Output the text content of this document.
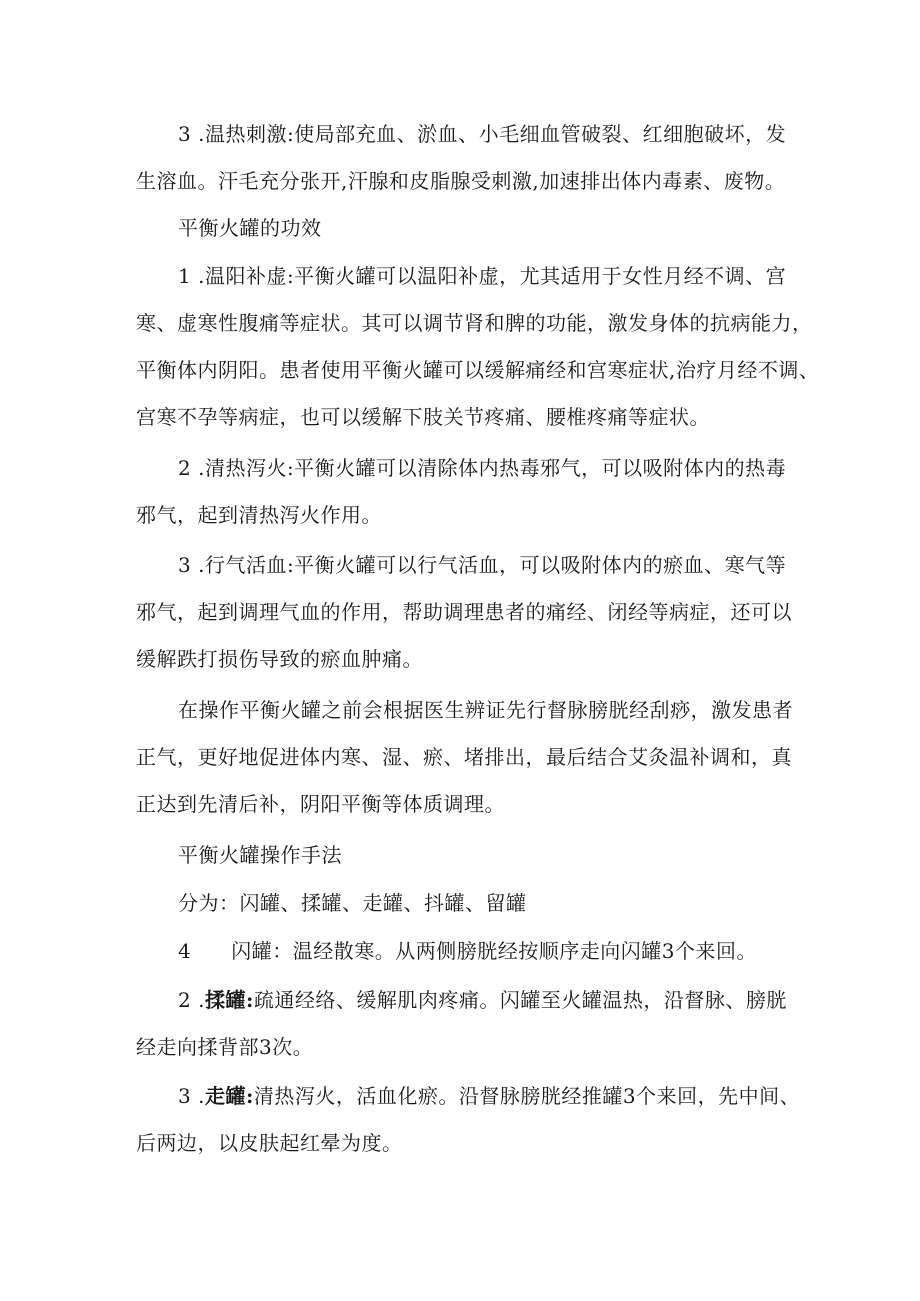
3 .温热刺激:使局部充血、淤血、小毛细血管破裂、红细胞破坏，发
生溶血。汗毛充分张开,汗腺和皮脂腺受刺激,加速排出体内毒素、废物。

平衡火罐的功效

1 .温阳补虚:平衡火罐可以温阳补虚，尤其适用于女性月经不调、宫
寒、虚寒性腹痛等症状。其可以调节肾和脾的功能，激发身体的抗病能力，
平衡体内阴阳。患者使用平衡火罐可以缓解痛经和宫寒症状,治疗月经不调、
宫寒不孕等病症，也可以缓解下肢关节疼痛、腰椎疼痛等症状。

2 .清热泻火:平衡火罐可以清除体内热毒邪气，可以吸附体内的热毒
邪气，起到清热泻火作用。

3 .行气活血:平衡火罐可以行气活血，可以吸附体内的瘀血、寒气等
邪气，起到调理气血的作用，帮助调理患者的痛经、闭经等病症，还可以
缓解跌打损伤导致的瘀血肿痛。

在操作平衡火罐之前会根据医生辨证先行督脉膀胱经刮痧，激发患者
正气，更好地促进体内寒、湿、瘀、堵排出，最后结合艾灸温补调和，真
正达到先清后补，阴阳平衡等体质调理。

平衡火罐操作手法

分为：闪罐、揉罐、走罐、抖罐、留罐

4 闪罐：温经散寒。从两侧膀胱经按顺序走向闪罐3个来回。

2 .揉罐:疏通经络、缓解肌肉疼痛。闪罐至火罐温热，沿督脉、膀胱
经走向揉背部3次。

3 .走罐:清热泻火，活血化瘀。沿督脉膀胱经推罐3个来回，先中间、
后两边，以皮肤起红晕为度。
